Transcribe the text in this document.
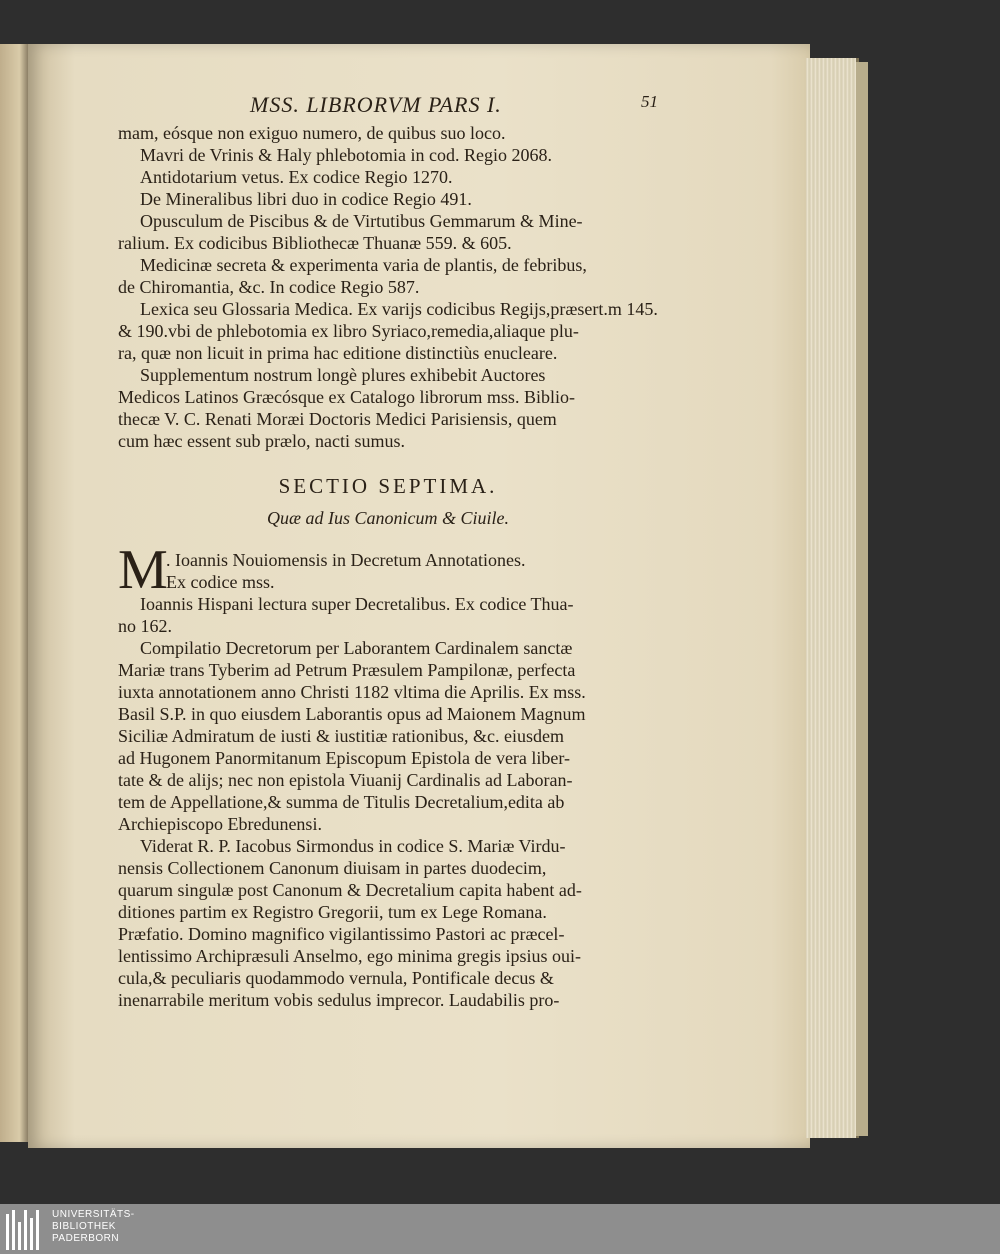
MSS. LIBRORVM PARS I.	51
mam, eósque non exiguo numero, de quibus suo loco.
Mavri de Vrinis & Haly phlebotomia in cod. Regio 2068.
Antidotarium vetus. Ex codice Regio 1270.
De Mineralibus libri duo in codice Regio 491.
Opusculum de Piscibus & de Virtutibus Gemmarum & Mine-
ralium. Ex codicibus Bibliothecæ Thuanæ 559. & 605.
Medicinæ secreta & experimenta varia de plantis, de febribus,
de Chiromantia, &c. In codice Regio 587.
Lexica seu Glossaria Medica. Ex varijs codicibus Regijs,præsert.m 145.
& 190.vbi de phlebotomia ex libro Syriaco,remedia,aliaque plu-
ra, quæ non licuit in prima hac editione distinctiùs enucleare.
Supplementum nostrum longè plures exhibebit Auctores
Medicos Latinos Græcósque ex Catalogo librorum mss. Biblio-
thecæ V. C. Renati Moræi Doctoris Medici Parisiensis, quem
cum hæc essent sub prælo, nacti sumus.
SECTIO SEPTIMA.
Quæ ad Ius Canonicum & Ciuile.
M
. Ioannis Nouiomensis in Decretum Annotationes.
Ex codice mss.
Ioannis Hispani lectura super Decretalibus. Ex codice Thua-
no 162.
Compilatio Decretorum per Laborantem Cardinalem sanctæ
Mariæ trans Tyberim ad Petrum Præsulem Pampilonæ, perfecta
iuxta annotationem anno Christi 1182 vltima die Aprilis. Ex mss.
Basil S.P. in quo eiusdem Laborantis opus ad Maionem Magnum
Siciliæ Admiratum de iusti & iustitiæ rationibus, &c. eiusdem
ad Hugonem Panormitanum Episcopum Epistola de vera liber-
tate & de alijs; nec non epistola Viuanij Cardinalis ad Laboran-
tem de Appellatione,& summa de Titulis Decretalium,edita ab
Archiepiscopo Ebredunensi.
Viderat R. P. Iacobus Sirmondus in codice S. Mariæ Virdu-
nensis Collectionem Canonum diuisam in partes duodecim,
quarum singulæ post Canonum & Decretalium capita habent ad-
ditiones partim ex Registro Gregorii, tum ex Lege Romana.
Præfatio. Domino magnifico vigilantissimo Pastori ac præcel-
lentissimo Archipræsuli Anselmo, ego minima gregis ipsius oui-
cula,& peculiaris quodammodo vernula, Pontificale decus &
inenarrabile meritum vobis sedulus imprecor. Laudabilis pro-
UNIVERSITÄTS-
BIBLIOTHEK
PADERBORN
